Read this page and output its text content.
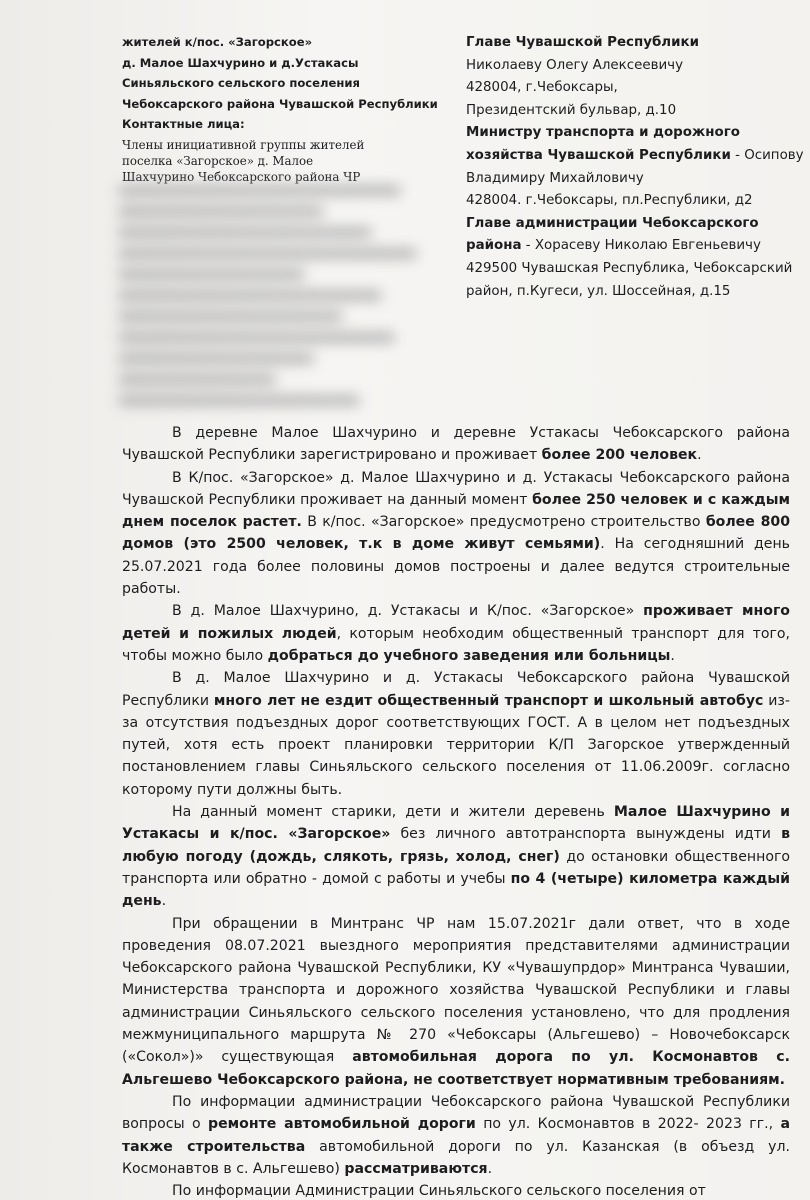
жителей к/пос. «Загорское»
д. Малое Шахчурино и д.Устакасы
Синьяльского сельского поселения
Чебоксарского района Чувашской Республики
Контактные лица:
Члены инициативной группы жителей поселка «Загорское» д. Малое Шахчурино Чебоксарского района ЧР

Главе Чувашской Республики

Николаеву Олегу Алексеевичу

428004, г.Чебоксары,

Президентский бульвар, д.10

Министру транспорта и дорожного

хозяйства Чувашской Республики - Осипову

Владимиру Михайловичу

428004. г.Чебоксары, пл.Республики, д2

Главе администрации Чебоксарского

района - Хорасеву Николаю Евгеньевичу

429500 Чувашская Республика, Чебоксарский

район, п.Кугеси, ул. Шоссейная, д.15

В деревне Малое Шахчурино и деревне Устакасы Чебоксарского района Чувашской Республики зарегистрировано и проживает более 200 человек.

В К/пос. «Загорское» д. Малое Шахчурино и д. Устакасы Чебоксарского района Чувашской Республики проживает на данный момент более 250 человек и с каждым днем поселок растет. В к/пос. «Загорское» предусмотрено строительство более 800 домов (это 2500 человек, т.к в доме живут семьями). На сегодняшний день 25.07.2021 года более половины домов построены и далее ведутся строительные работы.

В д. Малое Шахчурино, д. Устакасы и К/пос. «Загорское» проживает много детей и пожилых людей, которым необходим общественный транспорт для того, чтобы можно было добраться до учебного заведения или больницы.

В д. Малое Шахчурино и д. Устакасы Чебоксарского района Чувашской Республики много лет не ездит общественный транспорт и школьный автобус из-за отсутствия подъездных дорог соответствующих ГОСТ. А в целом нет подъездных путей, хотя есть проект планировки территории К/П Загорское утвержденный постановлением главы Синьяльского сельского поселения от 11.06.2009г. согласно которому пути должны быть.

На данный момент старики, дети и жители деревень Малое Шахчурино и Устакасы и к/пос. «Загорское» без личного автотранспорта вынуждены идти в любую погоду (дождь, слякоть, грязь, холод, снег) до остановки общественного транспорта или обратно - домой с работы и учебы по 4 (четыре) километра каждый день.

При обращении в Минтранс ЧР нам 15.07.2021г дали ответ, что в ходе проведения 08.07.2021 выездного мероприятия представителями администрации Чебоксарского района Чувашской Республики, КУ «Чувашупрдор» Минтранса Чувашии, Министерства транспорта и дорожного хозяйства Чувашской Республики и главы администрации Синьяльского сельского поселения установлено, что для продления межмуниципального маршрута № 270 «Чебоксары (Альгешево) – Новочебоксарск («Сокол»)» существующая автомобильная дорога по ул. Космонавтов с. Альгешево Чебоксарского района, не соответствует нормативным требованиям.

По информации администрации Чебоксарского района Чувашской Республики вопросы о ремонте автомобильной дороги по ул. Космонавтов в 2022- 2023 гг., а также строительства автомобильной дороги по ул. Казанская (в объезд ул. Космонавтов в с. Альгешево) рассматриваются.

По информации Администрации Синьяльского сельского поселения от
